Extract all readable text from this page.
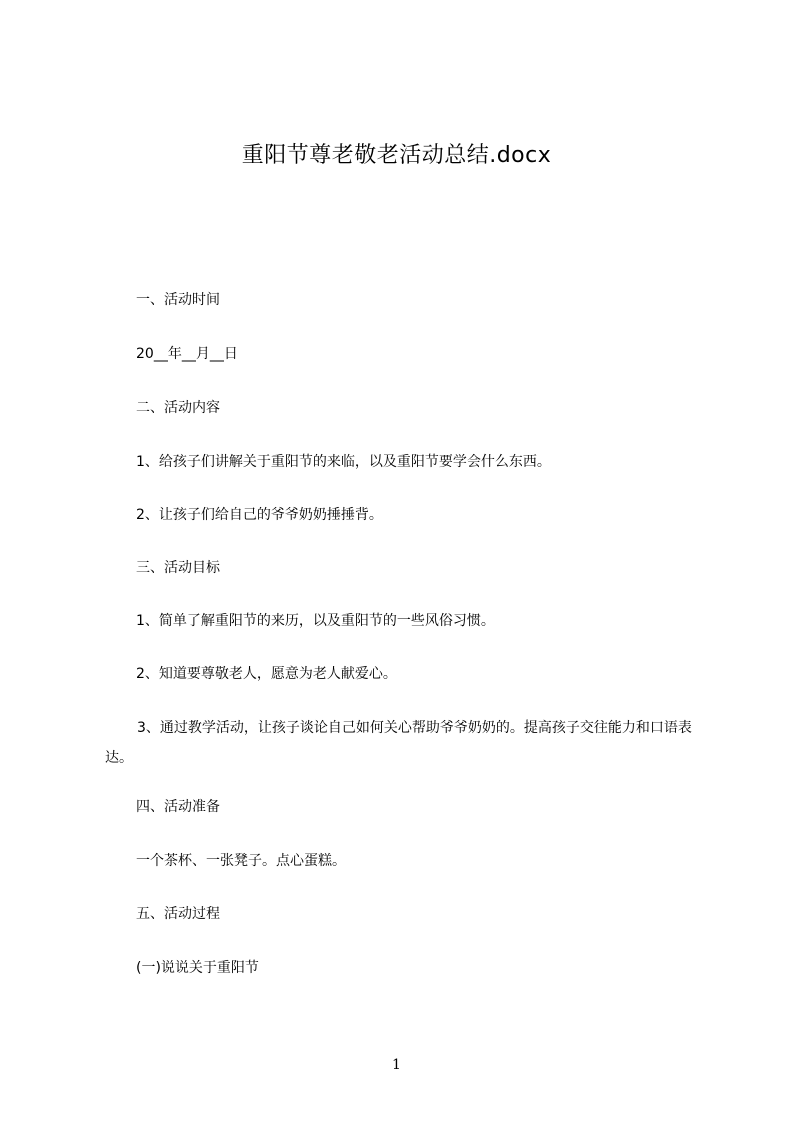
重阳节尊老敬老活动总结.docx
一、活动时间
20__年__月__日
二、活动内容
1、给孩子们讲解关于重阳节的来临，以及重阳节要学会什么东西。
2、让孩子们给自己的爷爷奶奶捶捶背。
三、活动目标
1、简单了解重阳节的来历，以及重阳节的一些风俗习惯。
2、知道要尊敬老人，愿意为老人献爱心。
3、通过教学活动，让孩子谈论自己如何关心帮助爷爷奶奶的。提高孩子交往能力和口语表达。
四、活动准备
一个茶杯、一张凳子。点心蛋糕。
五、活动过程
(一)说说关于重阳节
1
